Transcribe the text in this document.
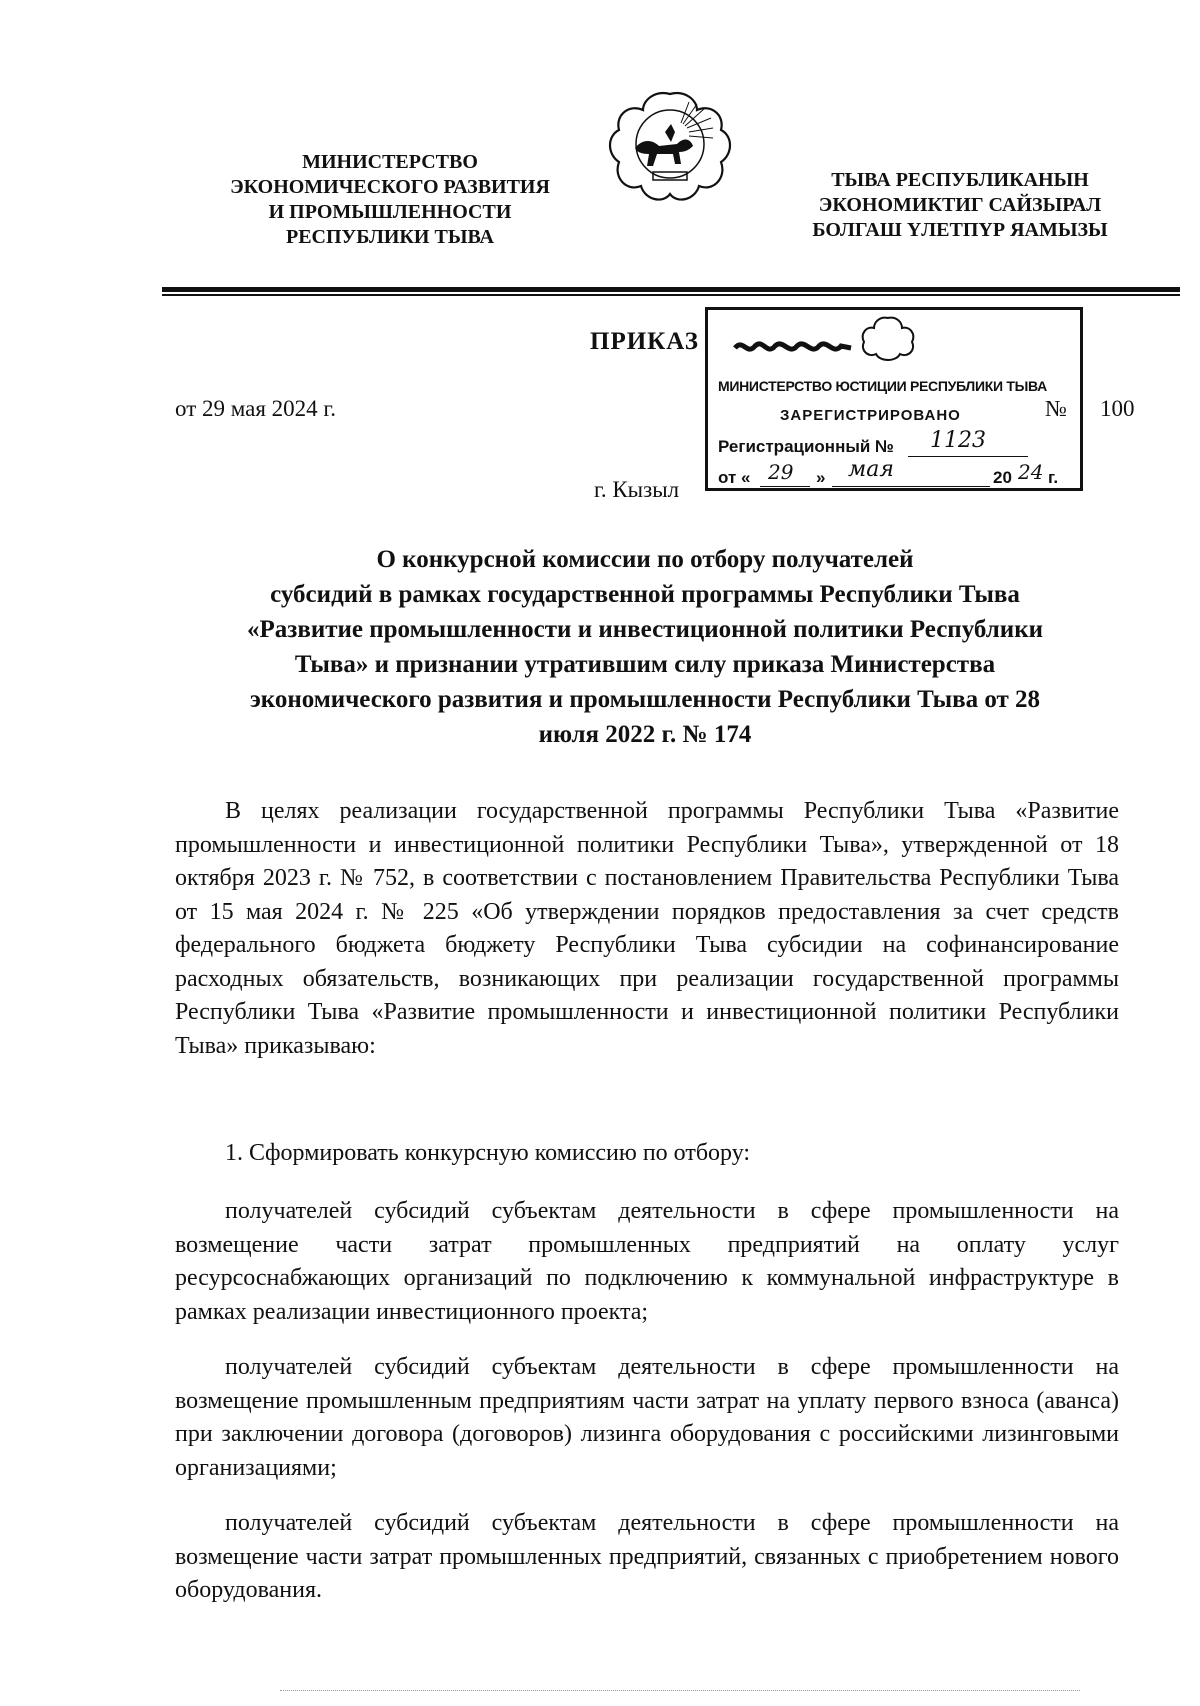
МИНИСТЕРСТВО
ЭКОНОМИЧЕСКОГО РАЗВИТИЯ
И ПРОМЫШЛЕННОСТИ
РЕСПУБЛИКИ ТЫВА
ТЫВА РЕСПУБЛИКАНЫН
ЭКОНОМИКТИГ САЙЗЫРАЛ
БОЛГАШ ҮЛЕТПҮР ЯАМЫЗЫ
ПРИКАЗ
от 29 мая 2024 г.	№ 100
г. Кызыл
МИНИСТЕРСТВО ЮСТИЦИИ РЕСПУБЛИКИ ТЫВА
ЗАРЕГИСТРИРОВАНО
Регистрационный № 1123
от « 29 » мая	20 24 г.
О конкурсной комиссии по отбору получателей
субсидий в рамках государственной программы Республики Тыва
«Развитие промышленности и инвестиционной политики Республики
Тыва» и признании утратившим силу приказа Министерства
экономического развития и промышленности Республики Тыва от 28
июля 2022 г. № 174

В целях реализации государственной программы Республики Тыва «Развитие промышленности и инвестиционной политики Республики Тыва», утвержденной от 18 октября 2023 г. № 752, в соответствии с постановлением Правительства Республики Тыва от 15 мая 2024 г. № 225 «Об утверждении порядков предоставления за счет средств федерального бюджета бюджету Республики Тыва субсидии на софинансирование расходных обязательств, возникающих при реализации государственной программы Республики Тыва «Развитие промышленности и инвестиционной политики Республики Тыва» приказываю:

1. Сформировать конкурсную комиссию по отбору:

получателей субсидий субъектам деятельности в сфере промышленности на возмещение части затрат промышленных предприятий на оплату услуг ресурсоснабжающих организаций по подключению к коммунальной инфраструктуре в рамках реализации инвестиционного проекта;

получателей субсидий субъектам деятельности в сфере промышленности на возмещение промышленным предприятиям части затрат на уплату первого взноса (аванса) при заключении договора (договоров) лизинга оборудования с российскими лизинговыми организациями;

получателей субсидий субъектам деятельности в сфере промышленности на возмещение части затрат промышленных предприятий, связанных с приобретением нового оборудования.
